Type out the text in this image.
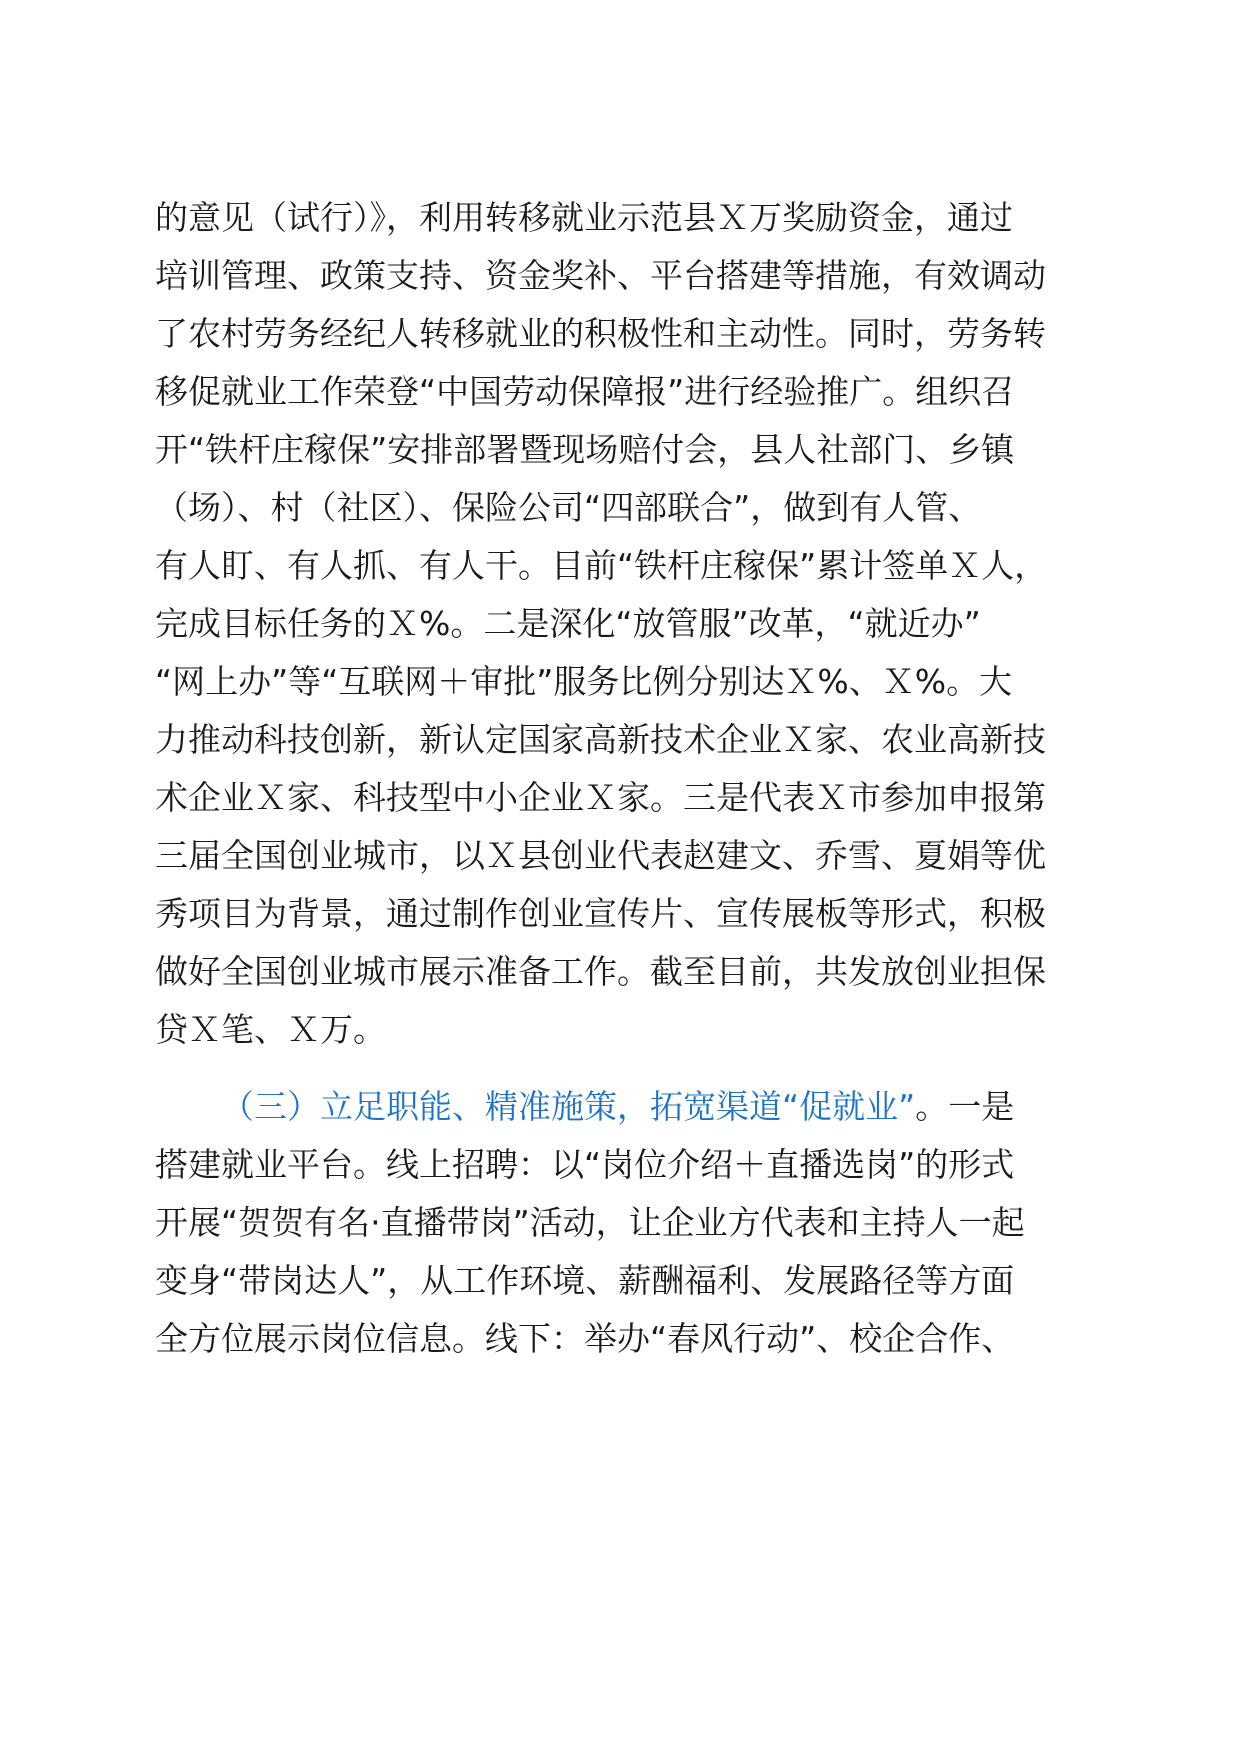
的意见（试行）》，利用转移就业示范县Ｘ万奖励资金，通过
培训管理、政策支持、资金奖补、平台搭建等措施，有效调动
了农村劳务经纪人转移就业的积极性和主动性。同时，劳务转
移促就业工作荣登“中国劳动保障报”进行经验推广。组织召
开“铁杆庄稼保”安排部署暨现场赔付会，县人社部门、乡镇
（场）、村（社区）、保险公司“四部联合”，做到有人管、
有人盯、有人抓、有人干。目前“铁杆庄稼保”累计签单Ｘ人，
完成目标任务的Ｘ%。二是深化“放管服”改革，“就近办”
“网上办”等“互联网＋审批”服务比例分别达Ｘ%、Ｘ%。大
力推动科技创新，新认定国家高新技术企业Ｘ家、农业高新技
术企业Ｘ家、科技型中小企业Ｘ家。三是代表Ｘ市参加申报第
三届全国创业城市，以Ｘ县创业代表赵建文、乔雪、夏娟等优
秀项目为背景，通过制作创业宣传片、宣传展板等形式，积极
做好全国创业城市展示准备工作。截至目前，共发放创业担保
贷Ｘ笔、Ｘ万。
（三）立足职能、精准施策，拓宽渠道“促就业”。一是
搭建就业平台。线上招聘：以“岗位介绍＋直播选岗”的形式
开展“贺贺有名·直播带岗”活动，让企业方代表和主持人一起
变身“带岗达人”，从工作环境、薪酬福利、发展路径等方面
全方位展示岗位信息。线下：举办“春风行动”、校企合作、
